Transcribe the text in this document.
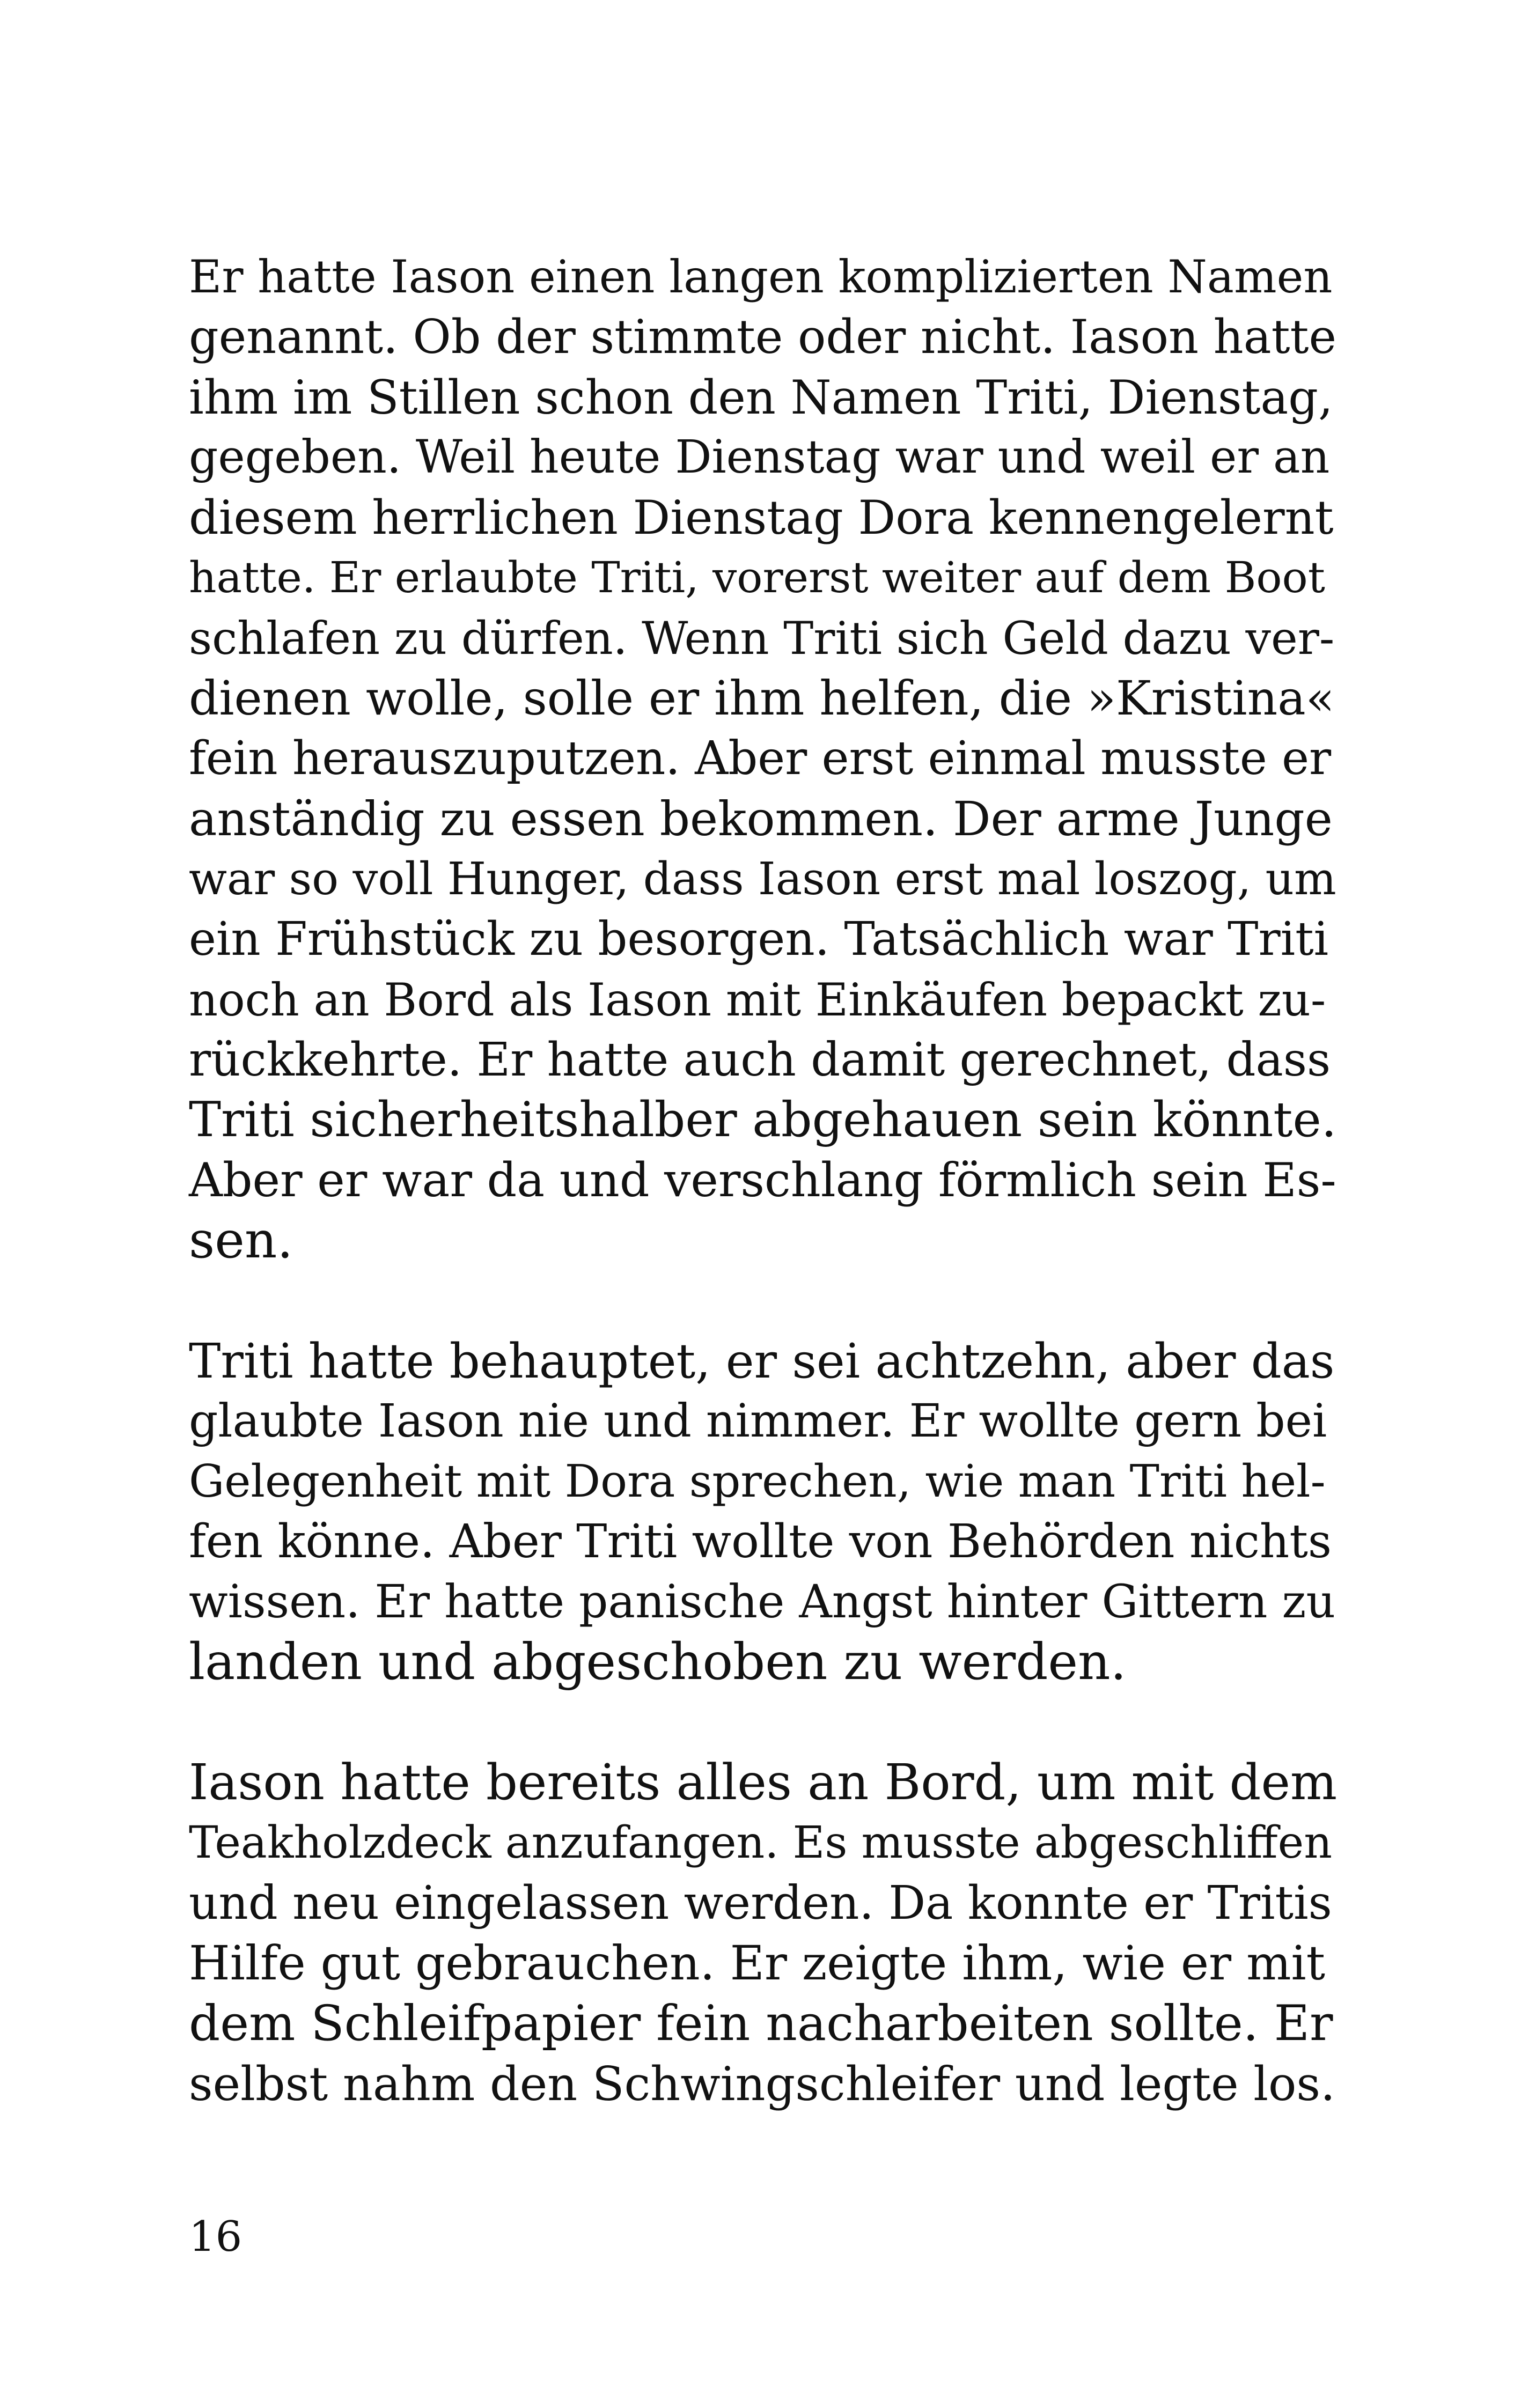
Er hatte Iason einen langen komplizierten Namen
genannt. Ob der stimmte oder nicht. Iason hatte
ihm im Stillen schon den Namen Triti, Dienstag,
gegeben. Weil heute Dienstag war und weil er an
diesem herrlichen Dienstag Dora kennengelernt
hatte. Er erlaubte Triti, vorerst weiter auf dem Boot
schlafen zu dürfen. Wenn Triti sich Geld dazu ver-
dienen wolle, solle er ihm helfen, die »Kristina«
fein herauszuputzen. Aber erst einmal musste er
anständig zu essen bekommen. Der arme Junge
war so voll Hunger, dass Iason erst mal loszog, um
ein Frühstück zu besorgen. Tatsächlich war Triti
noch an Bord als Iason mit Einkäufen bepackt zu-
rückkehrte. Er hatte auch damit gerechnet, dass
Triti sicherheitshalber abgehauen sein könnte.
Aber er war da und verschlang förmlich sein Es-
sen.
Triti hatte behauptet, er sei achtzehn, aber das
glaubte Iason nie und nimmer. Er wollte gern bei
Gelegenheit mit Dora sprechen, wie man Triti hel-
fen könne. Aber Triti wollte von Behörden nichts
wissen. Er hatte panische Angst hinter Gittern zu
landen und abgeschoben zu werden.
Iason hatte bereits alles an Bord, um mit dem
Teakholzdeck anzufangen. Es musste abgeschliffen
und neu eingelassen werden. Da konnte er Tritis
Hilfe gut gebrauchen. Er zeigte ihm, wie er mit
dem Schleifpapier fein nacharbeiten sollte. Er
selbst nahm den Schwingschleifer und legte los.
16
